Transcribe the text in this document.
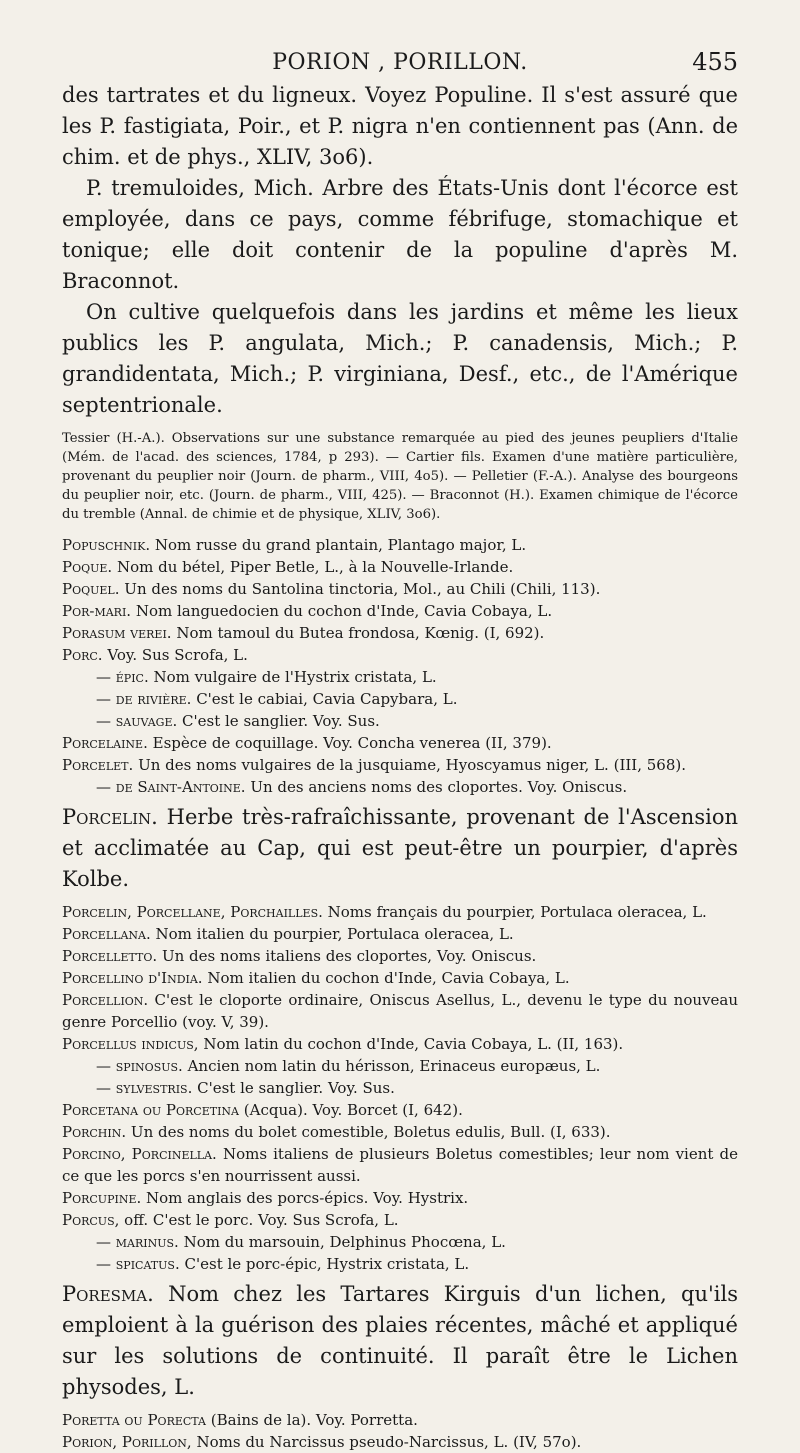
PORION , PORILLON.	455

des tartrates et du ligneux. Voyez Populine. Il s'est assuré que les P. fastigiata, Poir., et P. nigra n'en contiennent pas (Ann. de chim. et de phys., XLIV, 3o6).

P. tremuloides, Mich. Arbre des États-Unis dont l'écorce est employée, dans ce pays, comme fébrifuge, stomachique et tonique; elle doit contenir de la populine d'après M. Braconnot.

On cultive quelquefois dans les jardins et même les lieux publics les P. angulata, Mich.; P. canadensis, Mich.; P. grandidentata, Mich.; P. virginiana, Desf., etc., de l'Amérique septentrionale.

Tessier (H.-A.). Observations sur une substance remarquée au pied des jeunes peupliers d'Italie (Mém. de l'acad. des sciences, 1784, p 293). — Cartier fils. Examen d'une matière particulière, provenant du peuplier noir (Journ. de pharm., VIII, 4o5). — Pelletier (F.-A.). Analyse des bourgeons du peuplier noir, etc. (Journ. de pharm., VIII, 425). — Braconnot (H.). Examen chimique de l'écorce du tremble (Annal. de chimie et de physique, XLIV, 3o6).

Popuschnik. Nom russe du grand plantain, Plantago major, L.

Poque. Nom du bétel, Piper Betle, L., à la Nouvelle-Irlande.

Poquel. Un des noms du Santolina tinctoria, Mol., au Chili (Chili, 113).

Por-mari. Nom languedocien du cochon d'Inde, Cavia Cobaya, L.

Porasum verei. Nom tamoul du Butea frondosa, Kœnig. (I, 692).

Porc. Voy. Sus Scrofa, L.

— épic. Nom vulgaire de l'Hystrix cristata, L.

— de rivière. C'est le cabiai, Cavia Capybara, L.

— sauvage. C'est le sanglier. Voy. Sus.

Porcelaine. Espèce de coquillage. Voy. Concha venerea (II, 379).

Porcelet. Un des noms vulgaires de la jusquiame, Hyoscyamus niger, L. (III, 568).

— de Saint-Antoine. Un des anciens noms des cloportes. Voy. Oniscus.

Porcelin. Herbe très-rafraîchissante, provenant de l'Ascension et acclimatée au Cap, qui est peut-être un pourpier, d'après Kolbe.

Porcelin, Porcellane, Porchailles. Noms français du pourpier, Portulaca oleracea, L.

Porcellana. Nom italien du pourpier, Portulaca oleracea, L.

Porcelletto. Un des noms italiens des cloportes, Voy. Oniscus.

Porcellino d'India. Nom italien du cochon d'Inde, Cavia Cobaya, L.

Porcellion. C'est le cloporte ordinaire, Oniscus Asellus, L., devenu le type du nouveau genre Porcellio (voy. V, 39).

Porcellus indicus, Nom latin du cochon d'Inde, Cavia Cobaya, L. (II, 163).

— spinosus. Ancien nom latin du hérisson, Erinaceus europæus, L.

— sylvestris. C'est le sanglier. Voy. Sus.

Porcetana ou Porcetina (Acqua). Voy. Borcet (I, 642).

Porchin. Un des noms du bolet comestible, Boletus edulis, Bull. (I, 633).

Porcino, Porcinella. Noms italiens de plusieurs Boletus comestibles; leur nom vient de ce que les porcs s'en nourrissent aussi.

Porcupine. Nom anglais des porcs-épics. Voy. Hystrix.

Porcus, off. C'est le porc. Voy. Sus Scrofa, L.

— marinus. Nom du marsouin, Delphinus Phocœna, L.

— spicatus. C'est le porc-épic, Hystrix cristata, L.

Poresma. Nom chez les Tartares Kirguis d'un lichen, qu'ils emploient à la guérison des plaies récentes, mâché et appliqué sur les solutions de continuité. Il paraît être le Lichen physodes, L.

Poretta ou Porecta (Bains de la). Voy. Porretta.

Porion, Porillon, Noms du Narcissus pseudo-Narcissus, L. (IV, 57o).
